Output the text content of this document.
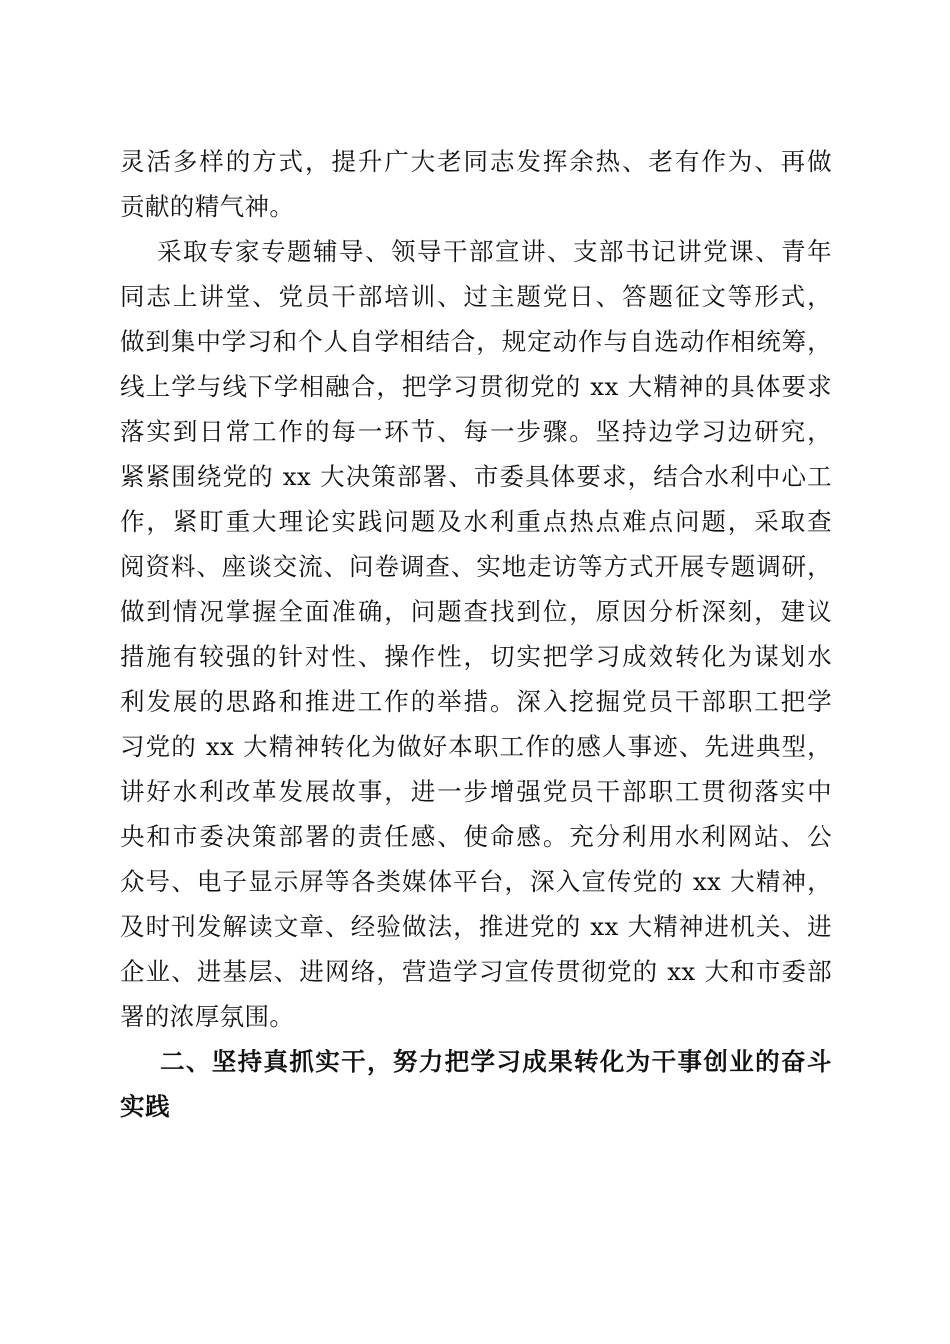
灵活多样的方式，提升广大老同志发挥余热、老有作为、再做
贡献的精气神。
采取专家专题辅导、领导干部宣讲、支部书记讲党课、青年
同志上讲堂、党员干部培训、过主题党日、答题征文等形式，
做到集中学习和个人自学相结合，规定动作与自选动作相统筹，
线上学与线下学相融合，把学习贯彻党的 xx 大精神的具体要求
落实到日常工作的每一环节、每一步骤。坚持边学习边研究，
紧紧围绕党的 xx 大决策部署、市委具体要求，结合水利中心工
作，紧盯重大理论实践问题及水利重点热点难点问题，采取查
阅资料、座谈交流、问卷调查、实地走访等方式开展专题调研，
做到情况掌握全面准确，问题查找到位，原因分析深刻，建议
措施有较强的针对性、操作性，切实把学习成效转化为谋划水
利发展的思路和推进工作的举措。深入挖掘党员干部职工把学
习党的 xx 大精神转化为做好本职工作的感人事迹、先进典型，
讲好水利改革发展故事，进一步增强党员干部职工贯彻落实中
央和市委决策部署的责任感、使命感。充分利用水利网站、公
众号、电子显示屏等各类媒体平台，深入宣传党的 xx 大精神，
及时刊发解读文章、经验做法，推进党的 xx 大精神进机关、进
企业、进基层、进网络，营造学习宣传贯彻党的 xx 大和市委部
署的浓厚氛围。
二、坚持真抓实干，努力把学习成果转化为干事创业的奋斗
实践
